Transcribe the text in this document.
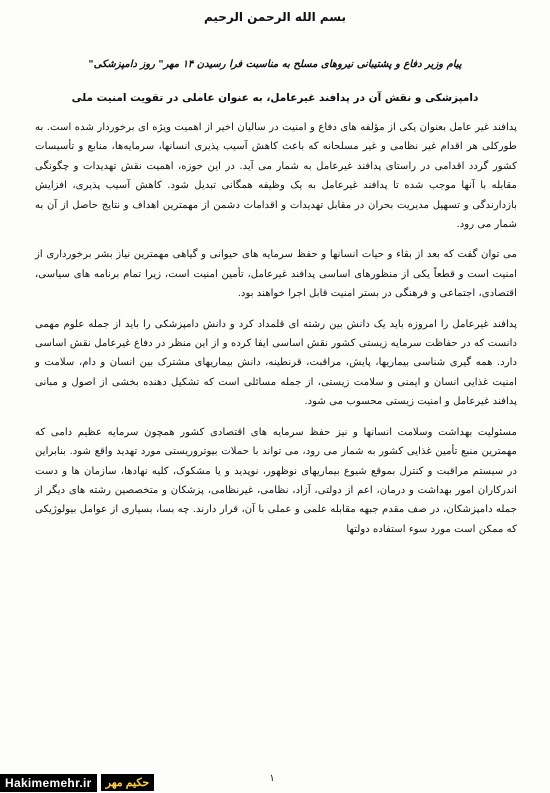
بسم الله الرحمن الرحیم
پیام وزیر دفاع و پشتیبانی نیروهای مسلح به مناسبت فرا رسیدن ۱۴ مهر" روز دامپزشکی"
دامپزشکی و نقش آن در پدافند غیرعامل، به عنوان عاملی در تقویت امنیت ملی

پدافند غیر عامل بعنوان یکی از مؤلفه های دفاع و امنیت در سالیان اخیر از اهمیت ویژه ای برخوردار شده است. به طورکلی هر اقدام غیر نظامی و غیر مسلحانه که باعث کاهش آسیب پذیری انسانها، سرمایه‌ها، منابع و تأسیسات کشور گردد اقدامی در راستای پدافند غیرعامل به شمار می آید. در این حوزه، اهمیت نقش تهدیدات و چگونگی مقابله با آنها موجب شده تا پدافند غیرعامل به یک وظیفه همگانی تبدیل شود. کاهش آسیب پذیری، افزایش بازدارندگی و تسهیل مدیریت بحران در مقابل تهدیدات و اقدامات دشمن از مهمترین اهداف و نتایج حاصل از آن به شمار می رود.

می توان گفت که بعد از بقاء و حیات انسانها و حفظ سرمایه های حیوانی و گیاهی مهمترین نیاز بشر برخورداری از امنیت است و قطعاً یکی از منظورهای اساسی پدافند غیرعامل، تأمین امنیت است، زیرا تمام برنامه های سیاسی، اقتصادی، اجتماعی و فرهنگی در بستر امنیت قابل اجرا خواهند بود.

پدافند غیرعامل را امروزه باید یک دانش بین رشته ای قلمداد کرد و دانش دامپزشکی را باید از جمله علوم مهمی دانست که در حفاظت سرمایه زیستی کشور نقش اساسی ایفا کرده و از این منظر در دفاع غیرعامل نقش اساسی دارد. همه گیری شناسی بیماریها، پایش، مراقبت، قرنطینه، دانش بیماریهای مشترک بین انسان و دام، سلامت و امنیت غذایی انسان و ایمنی و سلامت زیستی، از جمله مسائلی است که تشکیل دهنده بخشی از اصول و مبانی پدافند غیرعامل و امنیت زیستی محسوب می شود.

مسئولیت بهداشت وسلامت انسانها و نیز حفظ سرمایه های اقتصادی کشور همچون سرمایه عظیم دامی که مهمترین منبع تأمین غذایی کشور به شمار می رود، می تواند با حملات بیوتروریستی مورد تهدید واقع شود. بنابراین در سیستم مراقبت و کنترل بموقع شیوع بیماریهای نوظهور، نوپدید و یا مشکوک، کلیه نهادها، سازمان ها و دست اندرکاران امور بهداشت و درمان، اعم از دولتی، آزاد، نظامی، غیرنظامی، پزشکان و متخصصین رشته های دیگر از جمله دامپزشکان، در صف مقدم جبهه مقابله علمی و عملی با آن، قرار دارند. چه بسا، بسیاری از عوامل بیولوژیکی که ممکن است مورد سوء استفاده دولتها

۱
Hakimemehr.ir	حکیم مهر
